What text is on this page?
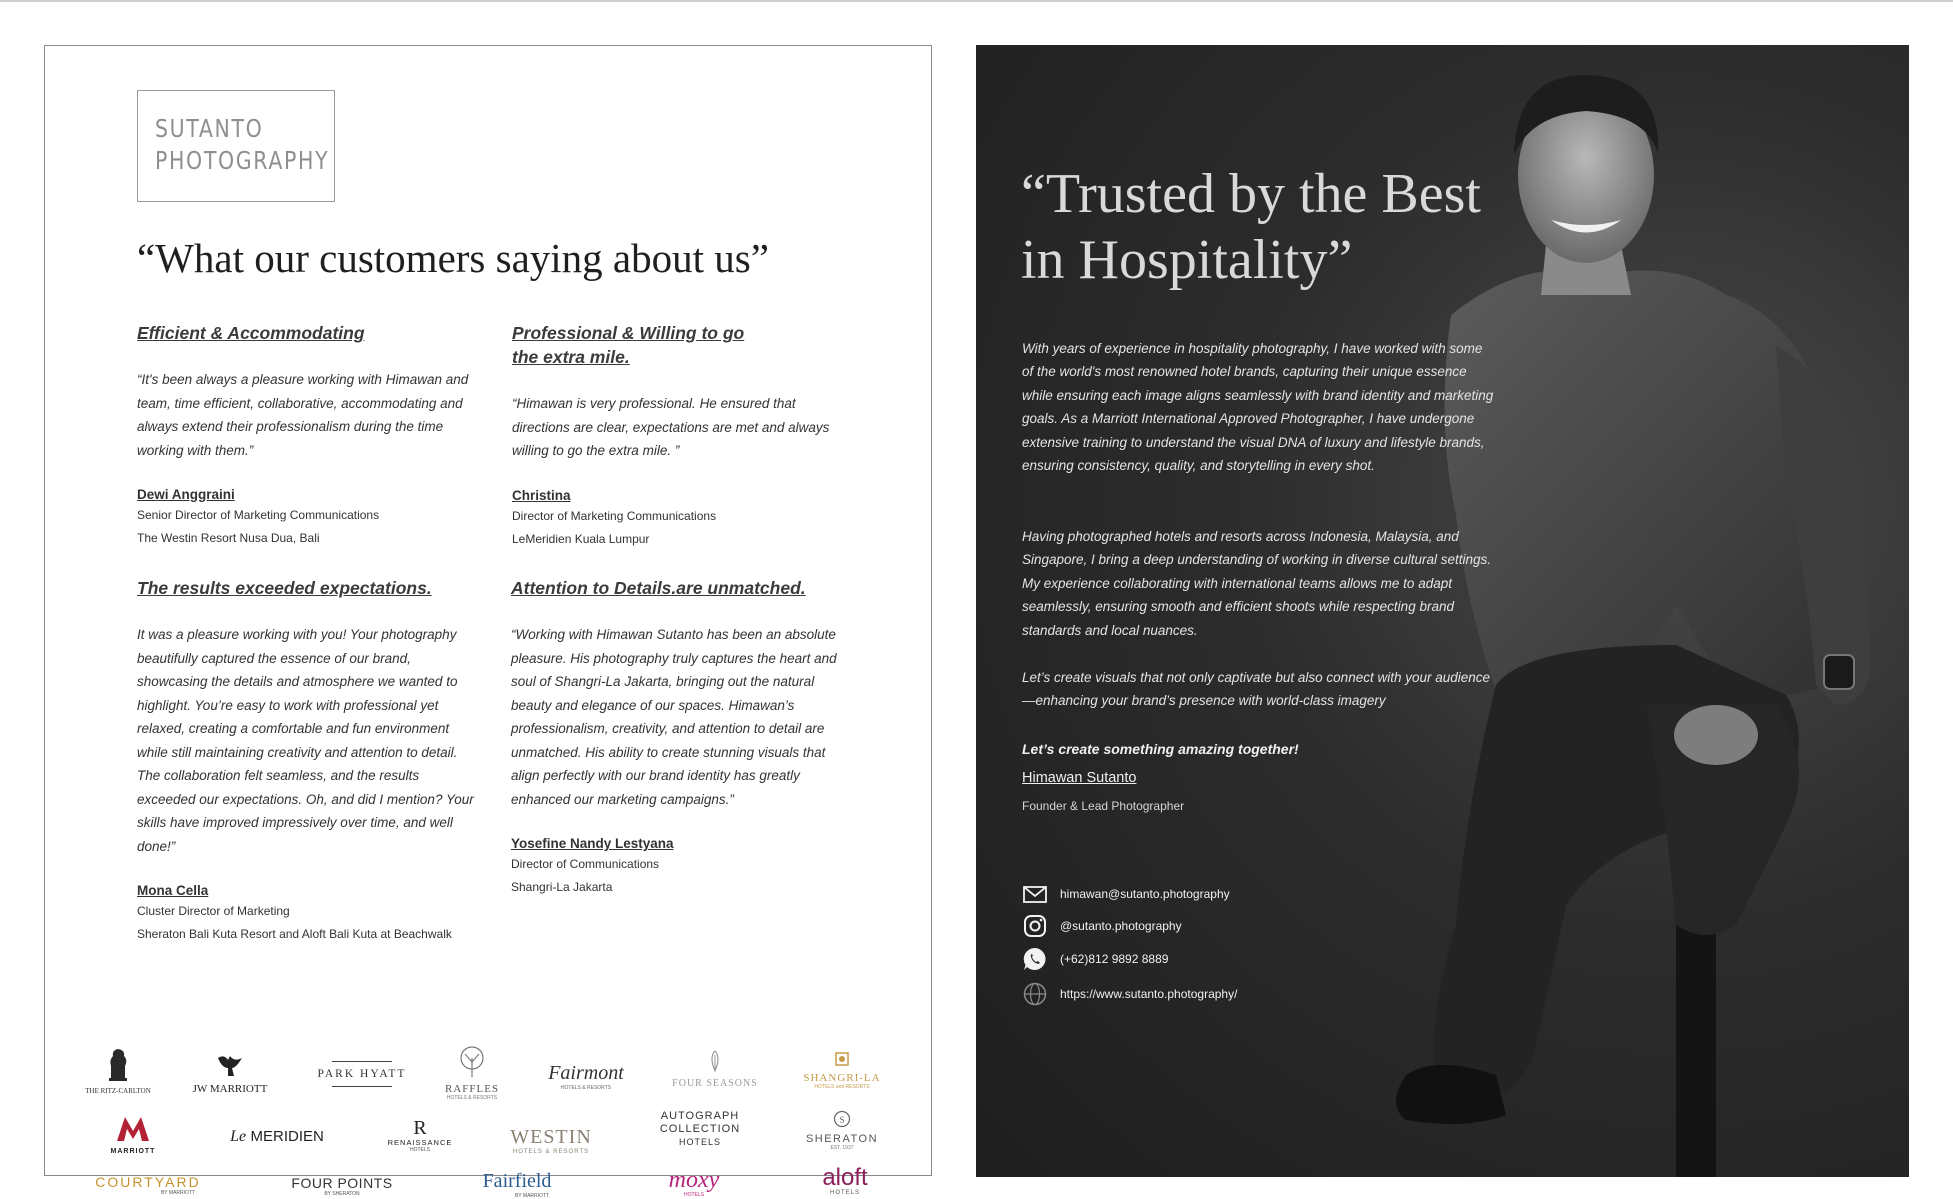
SUTANTO
PHOTOGRAPHY
“What our customers saying about us”
Efficient & Accommodating
“It's been always a pleasure working with Himawan and team, time efficient, collaborative, accommodating and always extend their professionalism during the time working with them.”
Dewi Anggraini
Senior Director of Marketing Communications
The Westin Resort Nusa Dua, Bali
Professional & Willing to go the extra mile.
“Himawan is very professional. He ensured that directions are clear, expectations are met and always willing to go the extra mile. ”
Christina
Director of Marketing Communications
LeMeridien Kuala Lumpur
The results exceeded expectations.
It was a pleasure working with you! Your photography beautifully captured the essence of our brand, showcasing the details and atmosphere we wanted to highlight. You’re easy to work with professional yet relaxed, creating a comfortable and fun environment while still maintaining creativity and attention to detail. The collaboration felt seamless, and the results exceeded our expectations. Oh, and did I mention? Your skills have improved impressively over time, and well done!”
Mona Cella
Cluster Director of Marketing
Sheraton Bali Kuta Resort and Aloft Bali Kuta at Beachwalk
Attention to Details.are unmatched.
“Working with Himawan Sutanto has been an absolute pleasure. His photography truly captures the heart and soul of Shangri-La Jakarta, bringing out the natural beauty and elegance of our spaces. Himawan’s professionalism, creativity, and attention to detail are unmatched. His ability to create stunning visuals that align perfectly with our brand identity has greatly enhanced our marketing campaigns.”
Yosefine Nandy Lestyana
Director of Communications
Shangri-La Jakarta
THE RITZ-CARLTON	JW MARRIOTT
PARK HYATT
RAFFLES
HOTELS & RESORTS
Fairmont
HOTELS & RESORTS	FOUR SEASONS	SHANGRI-LA
HOTELS and RESORTS
MARRIOTT
Le MERIDIEN	R
RENAISSANCE
HOTELS
WESTIN
HOTELS & RESORTS
AUTOGRAPH
COLLECTION
HOTELS
S
SHERATON
EST. 1937
COURTYARD
BY MARRIOTT
FOUR POINTS
BY SHERATON
Fairfield
BY MARRIOTT
moxy
HOTELS
aloft
HOTELS
“Trusted by the Best
in Hospitality”
With years of experience in hospitality photography, I have worked with some of the world's most renowned hotel brands, capturing their unique essence while ensuring each image aligns seamlessly with brand identity and marketing goals. As a Marriott International Approved Photographer, I have undergone extensive training to understand the visual DNA of luxury and lifestyle brands, ensuring consistency, quality, and storytelling in every shot.
Having photographed hotels and resorts across Indonesia, Malaysia, and Singapore, I bring a deep understanding of working in diverse cultural settings. My experience collaborating with international teams allows me to adapt seamlessly, ensuring smooth and efficient shoots while respecting brand standards and local nuances.
Let’s create visuals that not only captivate but also connect with your audience—enhancing your brand’s presence with world-class imagery
Let’s create something amazing together!
Himawan Sutanto
Founder & Lead Photographer
himawan@sutanto.photography
@sutanto.photography
(+62)812 9892 8889
https://www.sutanto.photography/
